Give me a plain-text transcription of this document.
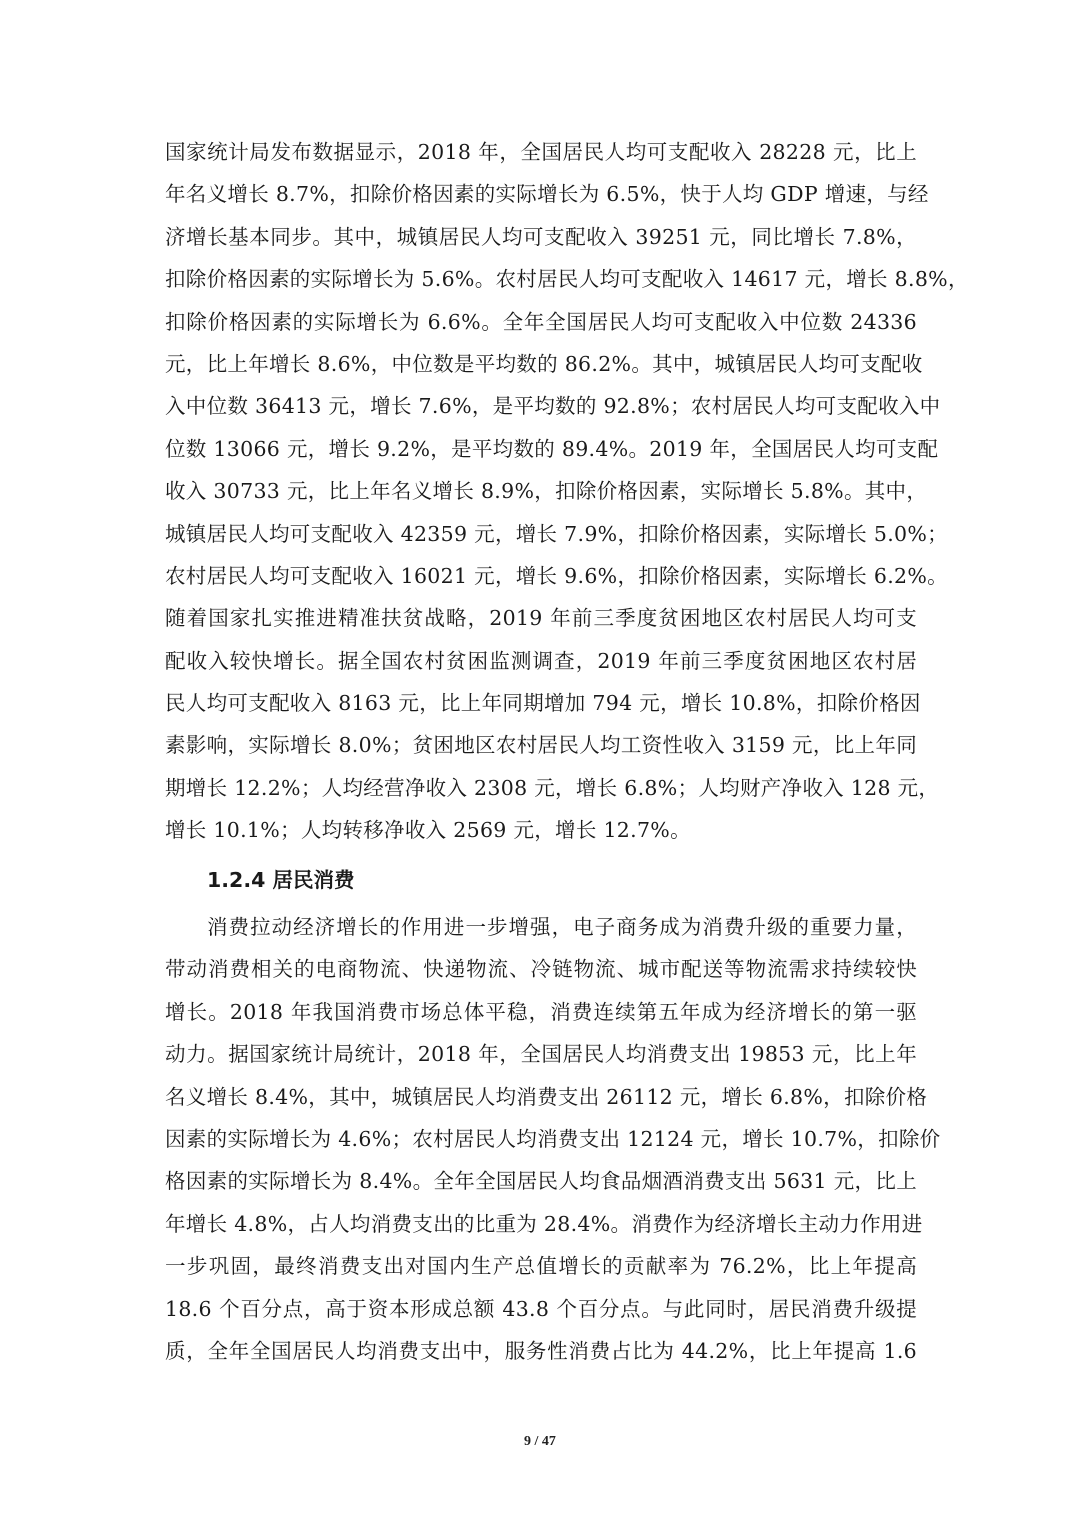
国家统计局发布数据显示，2018 年，全国居民人均可支配收入 28228 元，比上
年名义增长 8.7%，扣除价格因素的实际增长为 6.5%，快于人均 GDP 增速，与经
济增长基本同步。其中，城镇居民人均可支配收入 39251 元，同比增长 7.8%，
扣除价格因素的实际增长为 5.6%。农村居民人均可支配收入 14617 元，增长 8.8%，
扣除价格因素的实际增长为 6.6%。全年全国居民人均可支配收入中位数 24336
元，比上年增长 8.6%，中位数是平均数的 86.2%。其中，城镇居民人均可支配收
入中位数 36413 元，增长 7.6%，是平均数的 92.8%；农村居民人均可支配收入中
位数 13066 元，增长 9.2%，是平均数的 89.4%。2019 年，全国居民人均可支配
收入 30733 元，比上年名义增长 8.9%，扣除价格因素，实际增长 5.8%。其中，
城镇居民人均可支配收入 42359 元，增长 7.9%，扣除价格因素，实际增长 5.0%；
农村居民人均可支配收入 16021 元，增长 9.6%，扣除价格因素，实际增长 6.2%。
随着国家扎实推进精准扶贫战略，2019 年前三季度贫困地区农村居民人均可支
配收入较快增长。据全国农村贫困监测调查，2019 年前三季度贫困地区农村居
民人均可支配收入 8163 元，比上年同期增加 794 元，增长 10.8%，扣除价格因
素影响，实际增长 8.0%；贫困地区农村居民人均工资性收入 3159 元，比上年同
期增长 12.2%；人均经营净收入 2308 元，增长 6.8%；人均财产净收入 128 元，
增长 10.1%；人均转移净收入 2569 元，增长 12.7%。
1.2.4 居民消费
消费拉动经济增长的作用进一步增强，电子商务成为消费升级的重要力量，
带动消费相关的电商物流、快递物流、冷链物流、城市配送等物流需求持续较快
增长。2018 年我国消费市场总体平稳，消费连续第五年成为经济增长的第一驱
动力。据国家统计局统计，2018 年，全国居民人均消费支出 19853 元，比上年
名义增长 8.4%，其中，城镇居民人均消费支出 26112 元，增长 6.8%，扣除价格
因素的实际增长为 4.6%；农村居民人均消费支出 12124 元，增长 10.7%，扣除价
格因素的实际增长为 8.4%。全年全国居民人均食品烟酒消费支出 5631 元，比上
年增长 4.8%，占人均消费支出的比重为 28.4%。消费作为经济增长主动力作用进
一步巩固，最终消费支出对国内生产总值增长的贡献率为 76.2%，比上年提高
18.6 个百分点，高于资本形成总额 43.8 个百分点。与此同时，居民消费升级提
质，全年全国居民人均消费支出中，服务性消费占比为 44.2%，比上年提高 1.6
9 / 47
